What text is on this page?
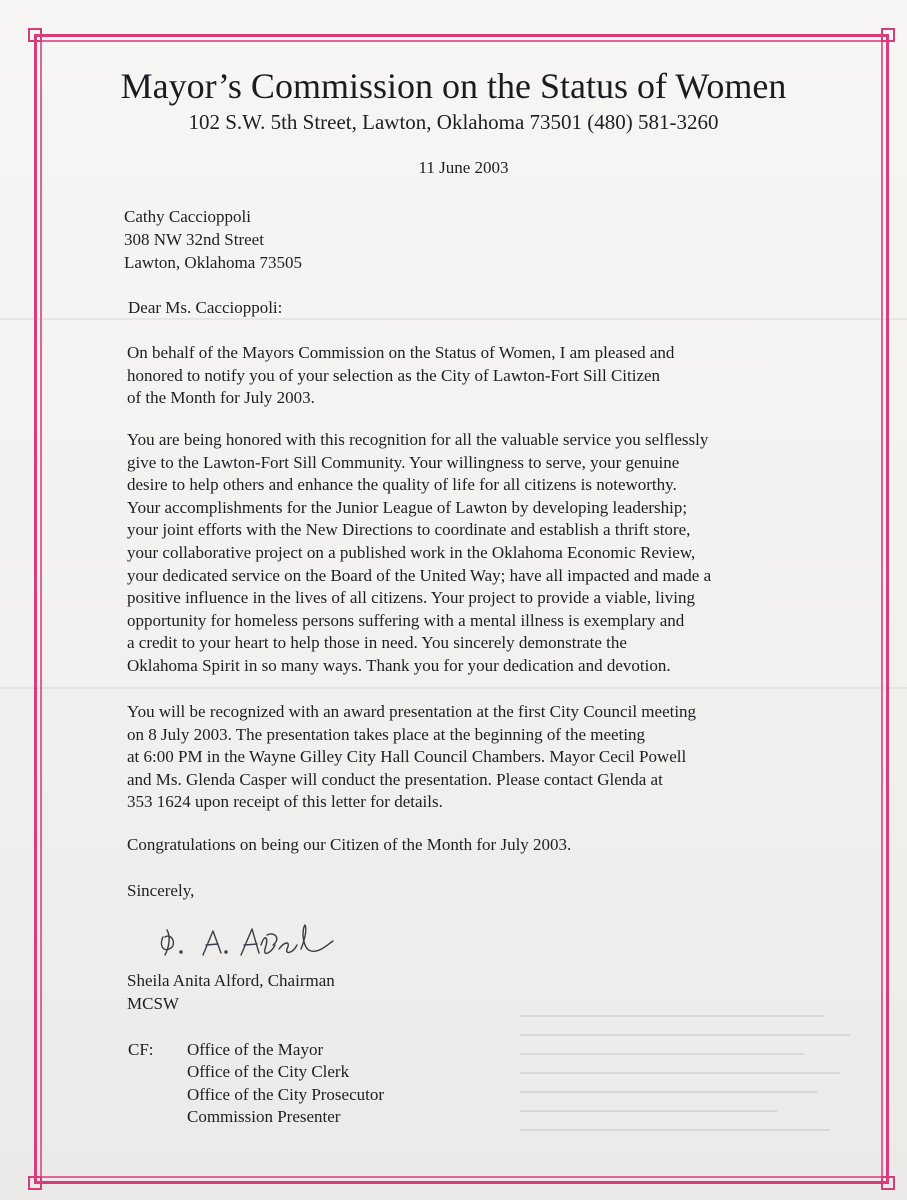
Mayor’s Commission on the Status of Women
102 S.W. 5th Street, Lawton, Oklahoma 73501 (480) 581-3260
11 June 2003
Cathy Caccioppoli
308 NW 32nd Street
Lawton, Oklahoma 73505
Dear Ms. Caccioppoli:
On behalf of the Mayors Commission on the Status of Women, I am pleased and
honored to notify you of your selection as the City of Lawton-Fort Sill Citizen
of the Month for July 2003.
You are being honored with this recognition for all the valuable service you selflessly
give to the Lawton-Fort Sill Community. Your willingness to serve, your genuine
desire to help others and enhance the quality of life for all citizens is noteworthy.
Your accomplishments for the Junior League of Lawton by developing leadership;
your joint efforts with the New Directions to coordinate and establish a thrift store,
your collaborative project on a published work in the Oklahoma Economic Review,
your dedicated service on the Board of the United Way; have all impacted and made a
positive influence in the lives of all citizens. Your project to provide a viable, living
opportunity for homeless persons suffering with a mental illness is exemplary and
a credit to your heart to help those in need. You sincerely demonstrate the
Oklahoma Spirit in so many ways. Thank you for your dedication and devotion.
You will be recognized with an award presentation at the first City Council meeting
on 8 July 2003. The presentation takes place at the beginning of the meeting
at 6:00 PM in the Wayne Gilley City Hall Council Chambers. Mayor Cecil Powell
and Ms. Glenda Casper will conduct the presentation. Please contact Glenda at
353 1624 upon receipt of this letter for details.
Congratulations on being our Citizen of the Month for July 2003.
Sincerely,
Sheila Anita Alford, Chairman
MCSW
CF: Office of the Mayor
Office of the City Clerk
Office of the City Prosecutor
Commission Presenter
